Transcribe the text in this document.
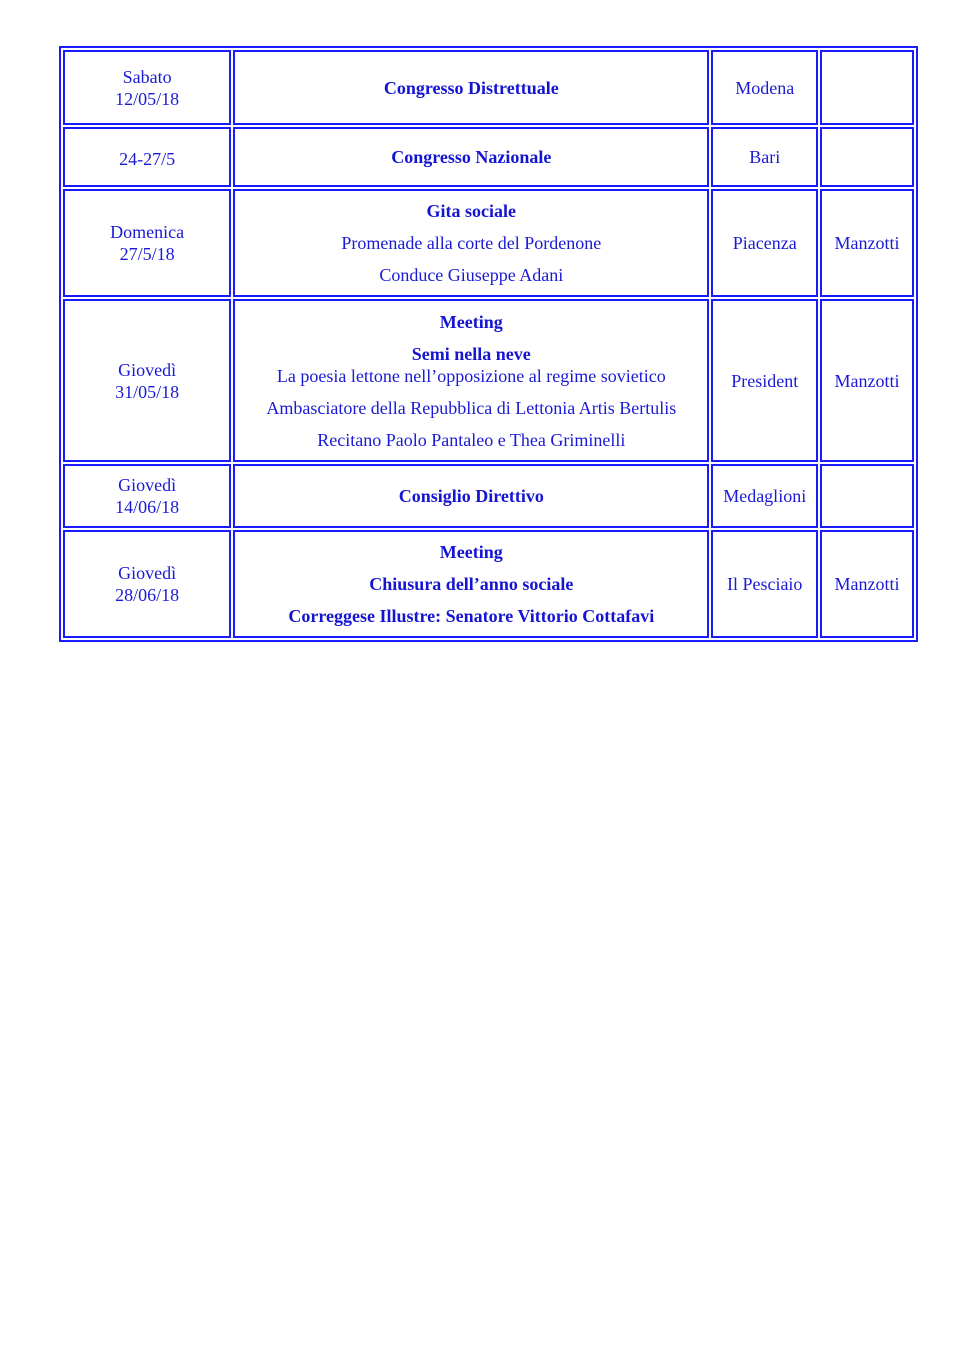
Sabato
12/05/18	Congresso Distrettuale	Modena	

24-27/5	Congresso Nazionale	Bari	

Domenica
27/5/18	Gita sociale
Promenade alla corte del Pordenone
Conduce Giuseppe Adani	Piacenza	Manzotti

Giovedì
31/05/18	Meeting
Semi nella neve
La poesia lettone nell’opposizione al regime sovietico
Ambasciatore della Repubblica di Lettonia Artis Bertulis
Recitano Paolo Pantaleo e Thea Griminelli	President	Manzotti

Giovedì
14/06/18	Consiglio Direttivo	Medaglioni	

Giovedì
28/06/18	Meeting
Chiusura dell’anno sociale
Correggese Illustre: Senatore Vittorio Cottafavi	Il Pesciaio	Manzotti
